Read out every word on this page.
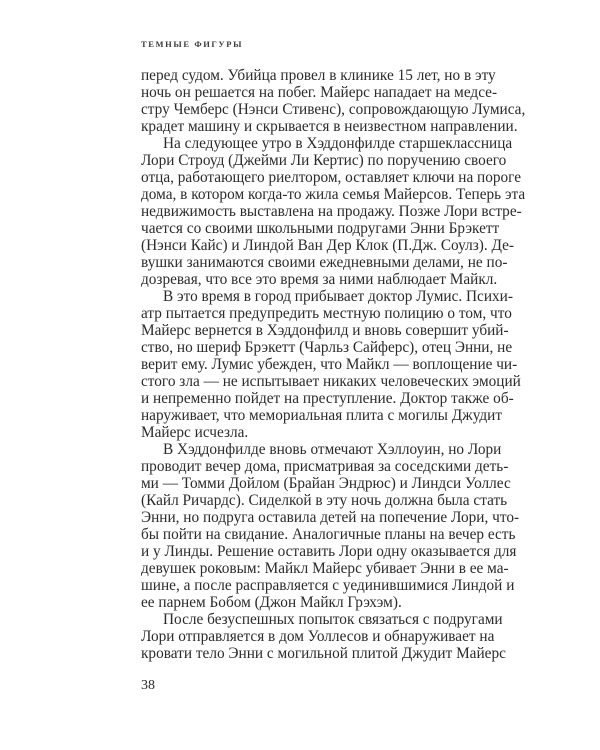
ТЕМНЫЕ ФИГУРЫ
перед судом. Убийца провел в клинике 15 лет, но в эту
ночь он решается на побег. Майерс нападает на медсе-
стру Чемберс (Нэнси Стивенс), сопровождающую Лумиса,
крадет машину и скрывается в неизвестном направлении.
На следующее утро в Хэддонфилде старшеклассница
Лори Строуд (Джейми Ли Кертис) по поручению своего
отца, работающего риелтором, оставляет ключи на пороге
дома, в котором когда-то жила семья Майерсов. Теперь эта
недвижимость выставлена на продажу. Позже Лори встре-
чается со своими школьными подругами Энни Брэкетт
(Нэнси Кайс) и Линдой Ван Дер Клок (П.Дж. Соулз). Де-
вушки занимаются своими ежедневными делами, не по-
дозревая, что все это время за ними наблюдает Майкл.
В это время в город прибывает доктор Лумис. Психи-
атр пытается предупредить местную полицию о том, что
Майерс вернется в Хэддонфилд и вновь совершит убий-
ство, но шериф Брэкетт (Чарльз Сайферс), отец Энни, не
верит ему. Лумис убежден, что Майкл — воплощение чи-
стого зла — не испытывает никаких человеческих эмоций
и непременно пойдет на преступление. Доктор также об-
наруживает, что мемориальная плита с могилы Джудит
Майерс исчезла.
В Хэддонфилде вновь отмечают Хэллоуин, но Лори
проводит вечер дома, присматривая за соседскими деть-
ми — Томми Дойлом (Брайан Эндрюс) и Линдси Уоллес
(Кайл Ричардс). Сиделкой в эту ночь должна была стать
Энни, но подруга оставила детей на попечение Лори, что-
бы пойти на свидание. Аналогичные планы на вечер есть
и у Линды. Решение оставить Лори одну оказывается для
девушек роковым: Майкл Майерс убивает Энни в ее ма-
шине, а после расправляется с уединившимися Линдой и
ее парнем Бобом (Джон Майкл Грэхэм).
После безуспешных попыток связаться с подругами
Лори отправляется в дом Уоллесов и обнаруживает на
кровати тело Энни с могильной плитой Джудит Майерс
38
